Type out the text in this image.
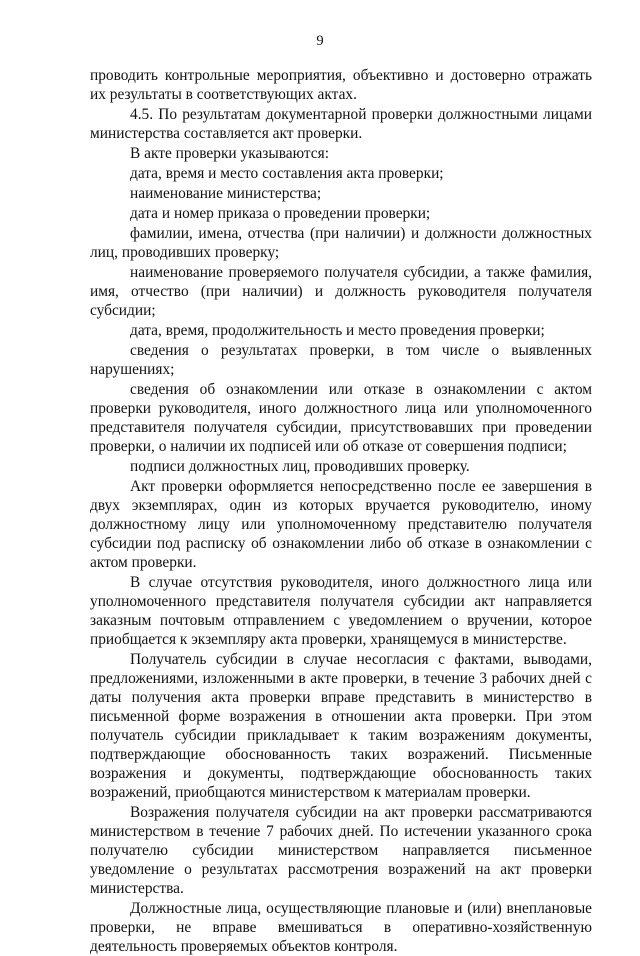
9

проводить контрольные мероприятия, объективно и достоверно отражать их результаты в соответствующих актах.

4.5. По результатам документарной проверки должностными лицами министерства составляется акт проверки.

В акте проверки указываются:

дата, время и место составления акта проверки;

наименование министерства;

дата и номер приказа о проведении проверки;

фамилии, имена, отчества (при наличии) и должности должностных лиц, проводивших проверку;

наименование проверяемого получателя субсидии, а также фамилия, имя, отчество (при наличии) и должность руководителя получателя субсидии;

дата, время, продолжительность и место проведения проверки;

сведения о результатах проверки, в том числе о выявленных нарушениях;

сведения об ознакомлении или отказе в ознакомлении с актом проверки руководителя, иного должностного лица или уполномоченного представителя получателя субсидии, присутствовавших при проведении проверки, о наличии их подписей или об отказе от совершения подписи;

подписи должностных лиц, проводивших проверку.

Акт проверки оформляется непосредственно после ее завершения в двух экземплярах, один из которых вручается руководителю, иному должностному лицу или уполномоченному представителю получателя субсидии под расписку об ознакомлении либо об отказе в ознакомлении с актом проверки.

В случае отсутствия руководителя, иного должностного лица или уполномоченного представителя получателя субсидии акт направляется заказным почтовым отправлением с уведомлением о вручении, которое приобщается к экземпляру акта проверки, хранящемуся в министерстве.

Получатель субсидии в случае несогласия с фактами, выводами, предложениями, изложенными в акте проверки, в течение 3 рабочих дней с даты получения акта проверки вправе представить в министерство в письменной форме возражения в отношении акта проверки. При этом получатель субсидии прикладывает к таким возражениям документы, подтверждающие обоснованность таких возражений. Письменные возражения и документы, подтверждающие обоснованность таких возражений, приобщаются министерством к материалам проверки.

Возражения получателя субсидии на акт проверки рассматриваются министерством в течение 7 рабочих дней. По истечении указанного срока получателю субсидии министерством направляется письменное уведомление о результатах рассмотрения возражений на акт проверки министерства.

Должностные лица, осуществляющие плановые и (или) внеплановые проверки, не вправе вмешиваться в оперативно-хозяйственную деятельность проверяемых объектов контроля.
